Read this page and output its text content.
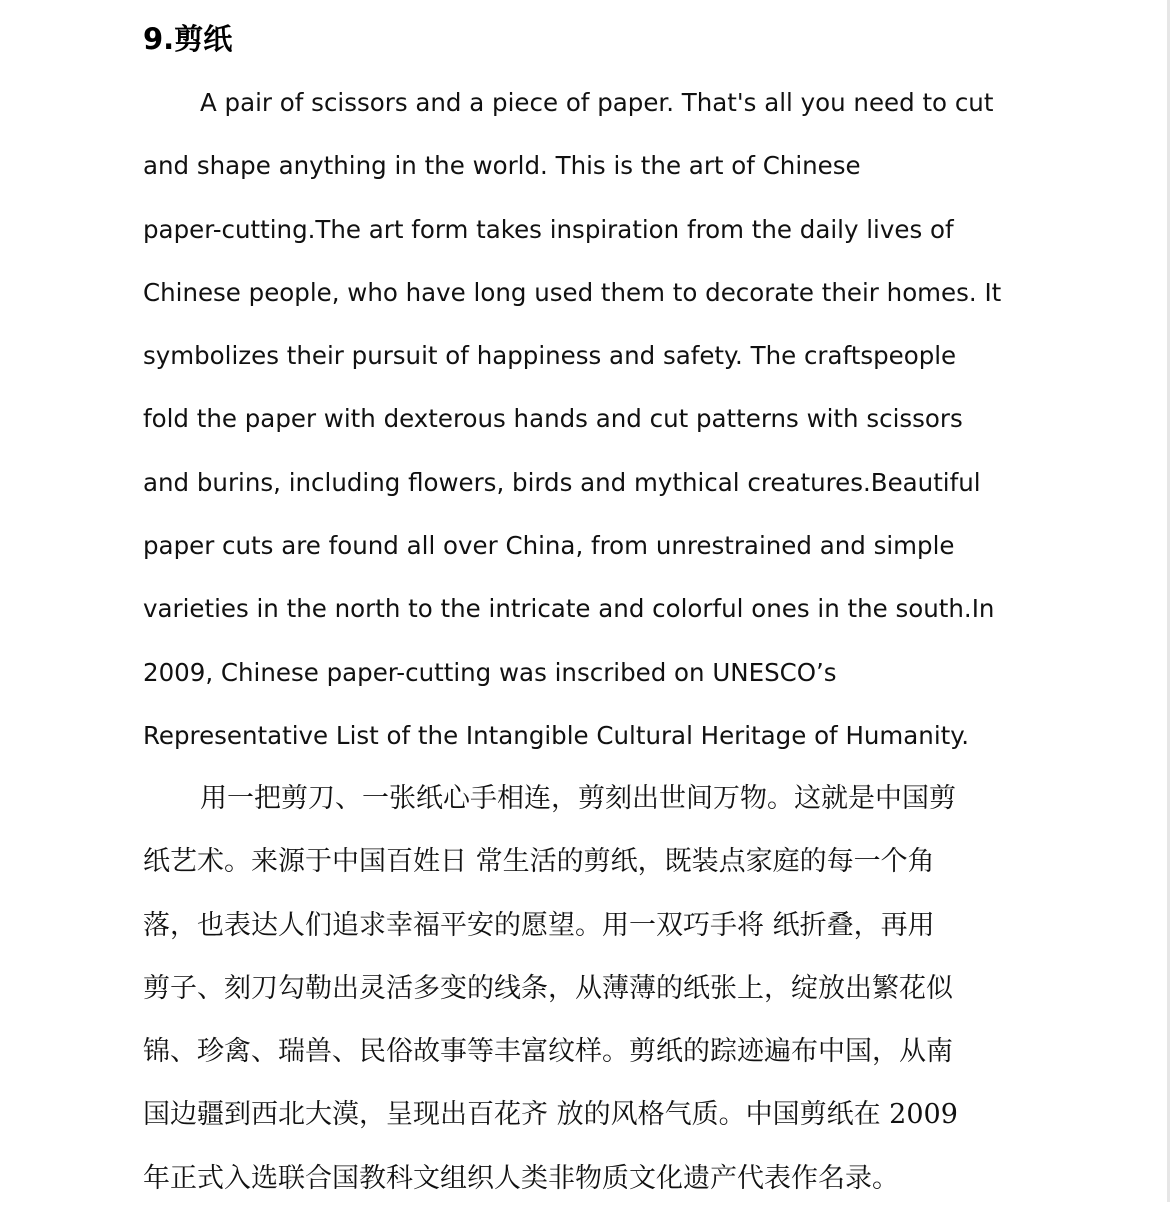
9.剪纸
A pair of scissors and a piece of paper. That's all you need to cut
and shape anything in the world. This is the art of Chinese
paper-cutting.The art form takes inspiration from the daily lives of
Chinese people, who have long used them to decorate their homes. It
symbolizes their pursuit of happiness and safety. The craftspeople
fold the paper with dexterous hands and cut patterns with scissors
and burins, including flowers, birds and mythical creatures.Beautiful
paper cuts are found all over China, from unrestrained and simple
varieties in the north to the intricate and colorful ones in the south.In
2009, Chinese paper-cutting was inscribed on UNESCO’s
Representative List of the Intangible Cultural Heritage of Humanity.
用一把剪刀、一张纸心手相连，剪刻出世间万物。这就是中国剪
纸艺术。来源于中国百姓日 常生活的剪纸，既装点家庭的每一个角
落，也表达人们追求幸福平安的愿望。用一双巧手将 纸折叠，再用
剪子、刻刀勾勒出灵活多变的线条，从薄薄的纸张上，绽放出繁花似
锦、珍禽、瑞兽、民俗故事等丰富纹样。剪纸的踪迹遍布中国，从南
国边疆到西北大漠，呈现出百花齐 放的风格气质。中国剪纸在 2009
年正式入选联合国教科文组织人类非物质文化遗产代表作名录。
